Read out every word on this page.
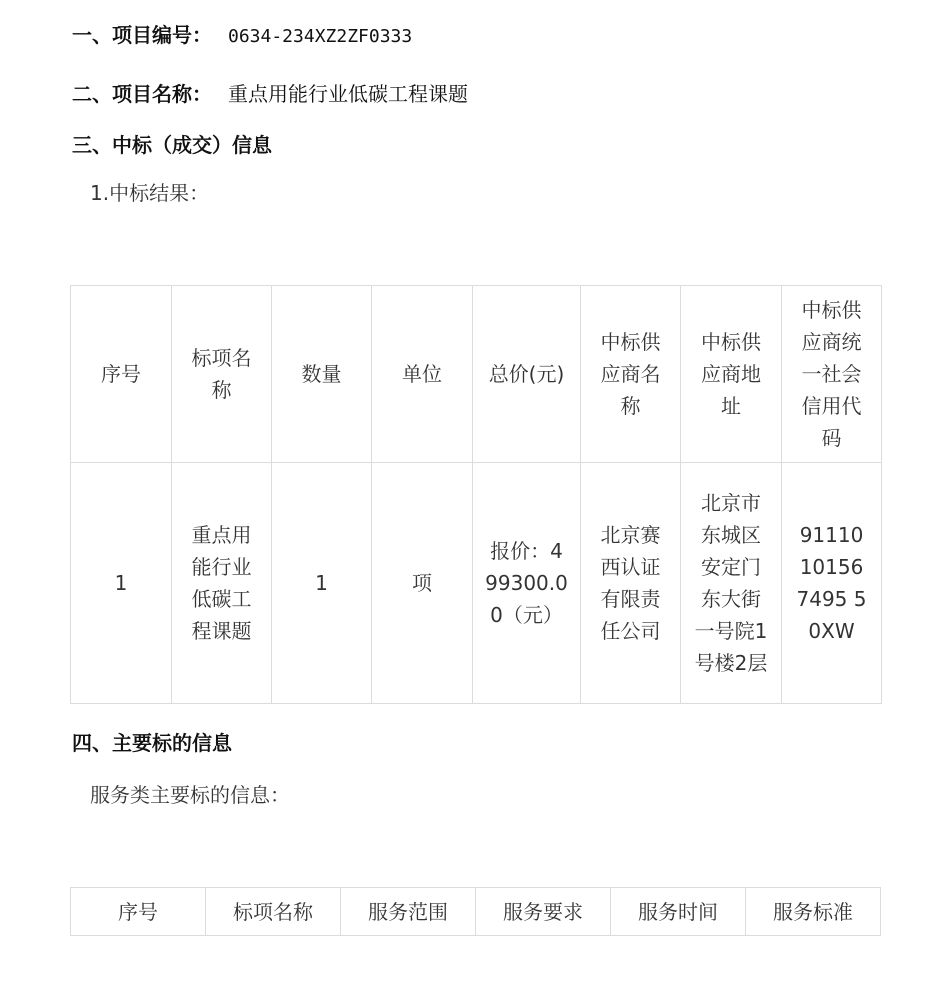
一、项目编号： 0634-234XZ2ZF0333
二、项目名称： 重点用能行业低碳工程课题
三、中标（成交）信息
1.中标结果：
序号	标项名称	数量	单位	总价(元)	中标供应商名称	中标供应商地址	中标供应商统一社会信用代码
1	重点用能行业低碳工程课题	1	项	报价：499300.00（元）	北京赛西认证有限责任公司	北京市东城区安定门东大街一号院1号楼2层	91110101567495 50XW
四、主要标的信息
服务类主要标的信息：
序号	标项名称	服务范围	服务要求	服务时间	服务标准
